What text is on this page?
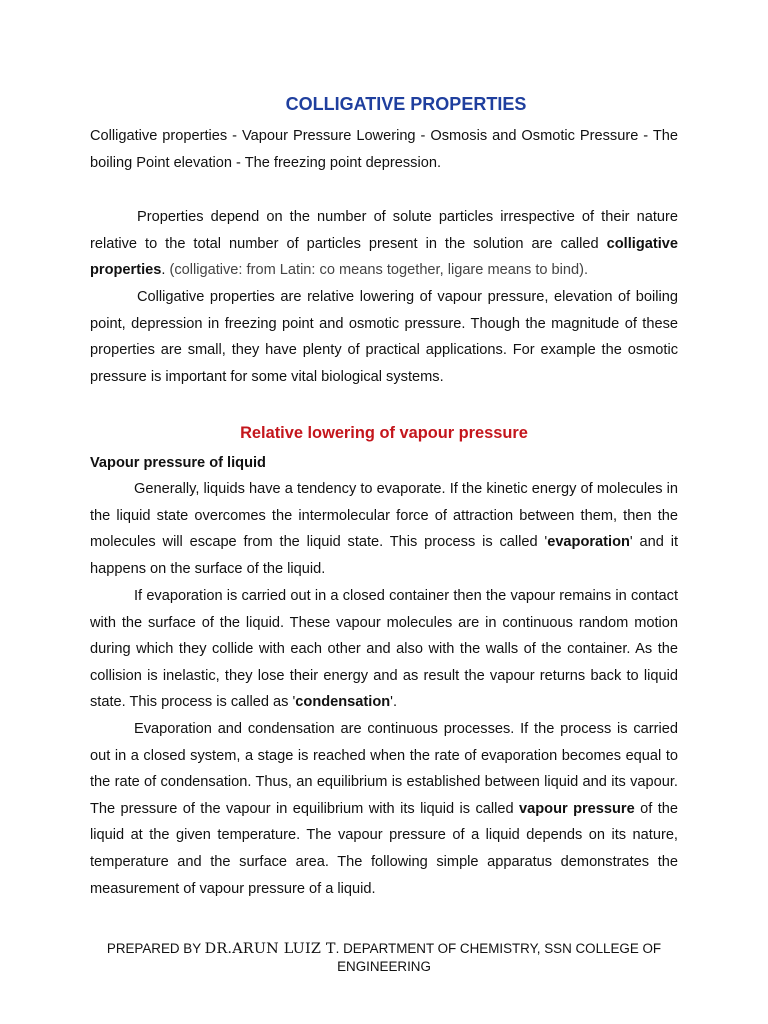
COLLIGATIVE PROPERTIES
Colligative properties - Vapour Pressure Lowering - Osmosis and Osmotic Pressure - The boiling Point elevation - The freezing point depression.
Properties depend on the number of solute particles irrespective of their nature relative to the total number of particles present in the solution are called colligative properties. (colligative: from Latin: co means together, ligare means to bind).
Colligative properties are relative lowering of vapour pressure, elevation of boiling point, depression in freezing point and osmotic pressure. Though the magnitude of these properties are small, they have plenty of practical applications. For example the osmotic pressure is important for some vital biological systems.
Relative lowering of vapour pressure
Vapour pressure of liquid
Generally, liquids have a tendency to evaporate. If the kinetic energy of molecules in the liquid state overcomes the intermolecular force of attraction between them, then the molecules will escape from the liquid state. This process is called 'evaporation' and it happens on the surface of the liquid.
If evaporation is carried out in a closed container then the vapour remains in contact with the surface of the liquid. These vapour molecules are in continuous random motion during which they collide with each other and also with the walls of the container. As the collision is inelastic, they lose their energy and as result the vapour returns back to liquid state. This process is called as 'condensation'.
Evaporation and condensation are continuous processes. If the process is carried out in a closed system, a stage is reached when the rate of evaporation becomes equal to the rate of condensation. Thus, an equilibrium is established between liquid and its vapour. The pressure of the vapour in equilibrium with its liquid is called vapour pressure of the liquid at the given temperature. The vapour pressure of a liquid depends on its nature, temperature and the surface area. The following simple apparatus demonstrates the measurement of vapour pressure of a liquid.
PREPARED BY DR.ARUN LUIZ T. DEPARTMENT OF CHEMISTRY, SSN COLLEGE OF ENGINEERING
